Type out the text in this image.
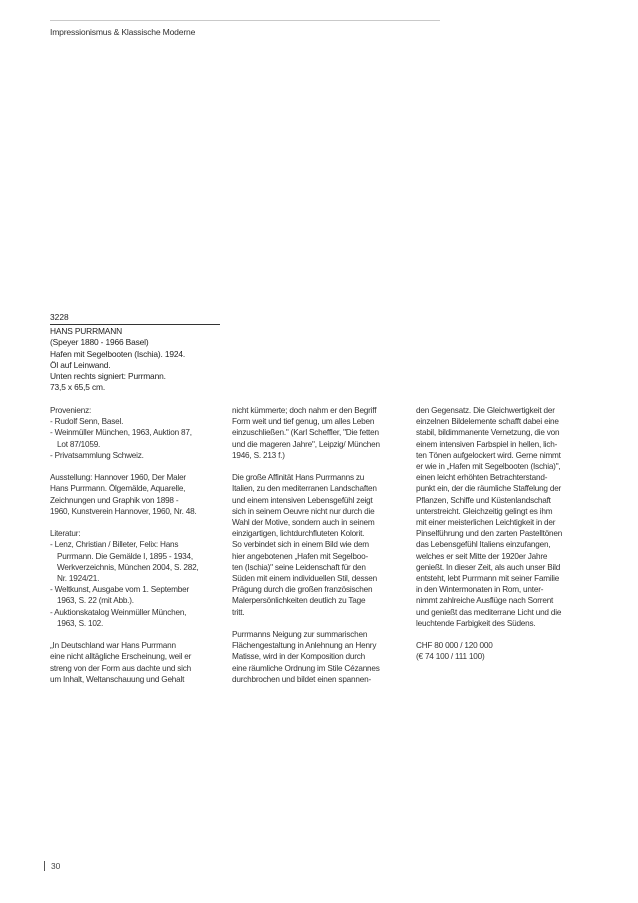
Impressionismus & Klassische Moderne
3228
HANS PURRMANN
(Speyer 1880 - 1966 Basel)
Hafen mit Segelbooten (Ischia). 1924.
Öl auf Leinwand.
Unten rechts signiert: Purrmann.
73,5 x 65,5 cm.
Provenienz:
- Rudolf Senn, Basel.
- Weinmüller München, 1963, Auktion 87,
Lot 87/1059.
- Privatsammlung Schweiz.
Ausstellung: Hannover 1960, Der Maler
Hans Purrmann. Ölgemälde, Aquarelle,
Zeichnungen und Graphik von 1898 -
1960, Kunstverein Hannover, 1960, Nr. 48.
Literatur:
- Lenz, Christian / Billeter, Felix: Hans
Purrmann. Die Gemälde I, 1895 - 1934,
Werkverzeichnis, München 2004, S. 282,
Nr. 1924/21.
- Weltkunst, Ausgabe vom 1. September
1963, S. 22 (mit Abb.).
- Auktionskatalog Weinmüller München,
1963, S. 102.
„In Deutschland war Hans Purrmann
eine nicht alltägliche Erscheinung, weil er
streng von der Form aus dachte und sich
um Inhalt, Weltanschauung und Gehalt
nicht kümmerte; doch nahm er den Begriff
Form weit und tief genug, um alles Leben
einzuschließen." (Karl Scheffler, "Die fetten
und die mageren Jahre", Leipzig/ München
1946, S. 213 f.)
Die große Affinität Hans Purrmanns zu
Italien, zu den mediterranen Landschaften
und einem intensiven Lebensgefühl zeigt
sich in seinem Oeuvre nicht nur durch die
Wahl der Motive, sondern auch in seinem
einzigartigen, lichtdurchfluteten Kolorit.
So verbindet sich in einem Bild wie dem
hier angebotenen „Hafen mit Segelboo-
ten (Ischia)" seine Leidenschaft für den
Süden mit einem individuellen Stil, dessen
Prägung durch die großen französischen
Malerpersönlichkeiten deutlich zu Tage
tritt.
Purrmanns Neigung zur summarischen
Flächengestaltung in Anlehnung an Henry
Matisse, wird in der Komposition durch
eine räumliche Ordnung im Stile Cézannes
durchbrochen und bildet einen spannen-
den Gegensatz. Die Gleichwertigkeit der
einzelnen Bildelemente schafft dabei eine
stabil, bildimmanente Vernetzung, die von
einem intensiven Farbspiel in hellen, lich-
ten Tönen aufgelockert wird. Gerne nimmt
er wie in „Hafen mit Segelbooten (Ischia)",
einen leicht erhöhten Betrachterstand-
punkt ein, der die räumliche Staffelung der
Pflanzen, Schiffe und Küstenlandschaft
unterstreicht. Gleichzeitig gelingt es ihm
mit einer meisterlichen Leichtigkeit in der
Pinselführung und den zarten Pastelltönen
das Lebensgefühl Italiens einzufangen,
welches er seit Mitte der 1920er Jahre
genießt. In dieser Zeit, als auch unser Bild
entsteht, lebt Purrmann mit seiner Familie
in den Wintermonaten in Rom, unter-
nimmt zahlreiche Ausflüge nach Sorrent
und genießt das mediterrane Licht und die
leuchtende Farbigkeit des Südens.
CHF 80 000 / 120 000
(€ 74 100 / 111 100)
30
